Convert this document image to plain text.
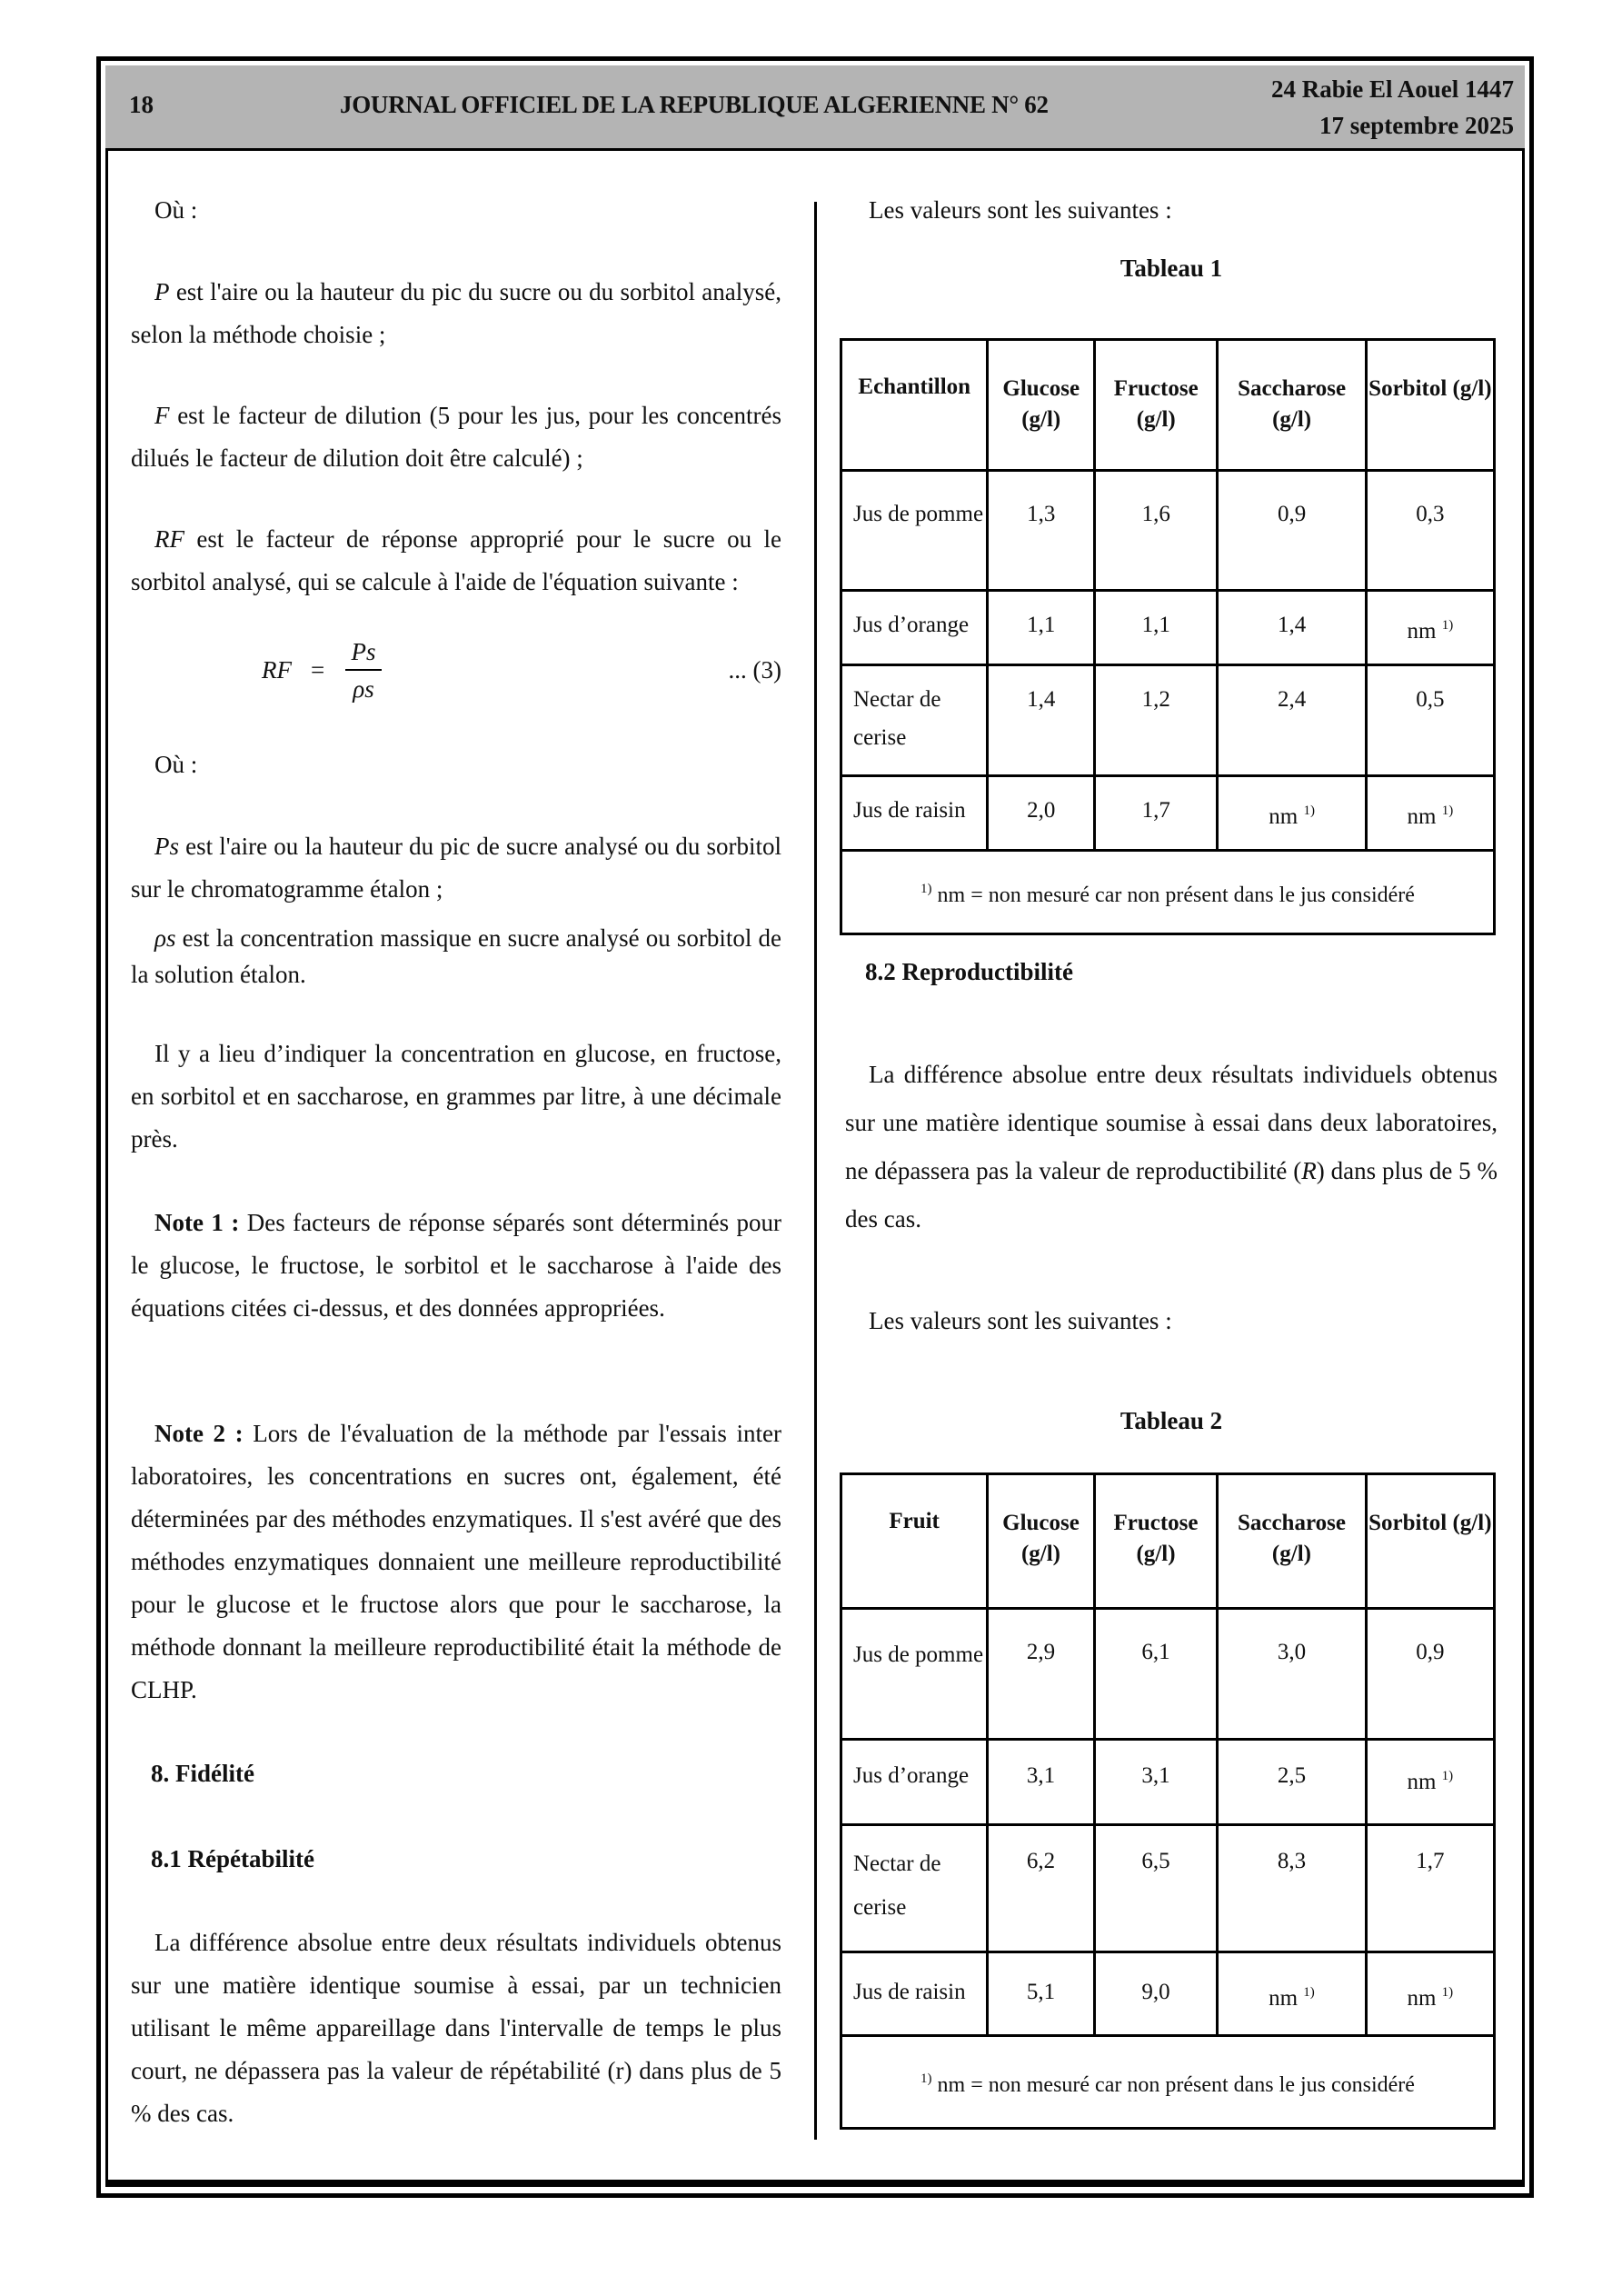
18	JOURNAL OFFICIEL DE LA REPUBLIQUE ALGERIENNE N° 62
24 Rabie El Aouel 1447
17 septembre 2025

Où :

P est l'aire ou la hauteur du pic du sucre ou du sorbitol analysé, selon la méthode choisie ;

F est le facteur de dilution (5 pour les jus, pour les concentrés dilués le facteur de dilution doit être calculé) ;

RF est le facteur de réponse approprié pour le sucre ou le sorbitol analysé, qui se calcule à l'aide de l'équation suivante :

Où :

Ps est l'aire ou la hauteur du pic de sucre analysé ou du sorbitol sur le chromatogramme étalon ;

ρs est la concentration massique en sucre analysé ou sorbitol de la solution étalon.

Il y a lieu d’indiquer la concentration en glucose, en fructose, en sorbitol et en saccharose, en grammes par litre, à une décimale près.

Note 1 : Des facteurs de réponse séparés sont déterminés pour le glucose, le fructose, le sorbitol et le saccharose à l'aide des équations citées ci-dessus, et des données appropriées.

Note 2 : Lors de l'évaluation de la méthode par l'essais inter laboratoires, les concentrations en sucres ont, également, été déterminées par des méthodes enzymatiques. Il s'est avéré que des méthodes enzymatiques donnaient une meilleure reproductibilité pour le glucose et le fructose alors que pour le saccharose, la méthode donnant la meilleure reproductibilité était la méthode de CLHP.

8. Fidélité

8.1 Répétabilité

La différence absolue entre deux résultats individuels obtenus sur une matière identique soumise à essai, par un technicien utilisant le même appareillage dans l'intervalle de temps le plus court, ne dépassera pas la valeur de répétabilité (r) dans plus de 5 % des cas.

RF =
Ps
ρs
... (3)

Les valeurs sont les suivantes :

Tableau 1

Echantillon	Glucose (g/l)	Fructose (g/l)	Saccharose (g/l)	Sorbitol (g/l)
Jus de pomme	1,3	1,6	0,9	0,3
Jus d’orange	1,1	1,1	1,4	nm $^{1)}$
Nectar de cerise	1,4	1,2	2,4	0,5
Jus de raisin	2,0	1,7	nm $^{1)}$	nm $^{1)}$
$^{1)}$ nm = non mesuré car non présent dans le jus considéré				

8.2 Reproductibilité

La différence absolue entre deux résultats individuels obtenus sur une matière identique soumise à essai dans deux laboratoires, ne dépassera pas la valeur de reproductibilité (R) dans plus de 5 % des cas.

Les valeurs sont les suivantes :

Tableau 2

Fruit	Glucose (g/l)	Fructose (g/l)	Saccharose (g/l)	Sorbitol (g/l)
Jus de pomme	2,9	6,1	3,0	0,9
Jus d’orange	3,1	3,1	2,5	nm $^{1)}$
Nectar de cerise	6,2	6,5	8,3	1,7
Jus de raisin	5,1	9,0	nm $^{1)}$	nm $^{1)}$
$^{1)}$ nm = non mesuré car non présent dans le jus considéré				
